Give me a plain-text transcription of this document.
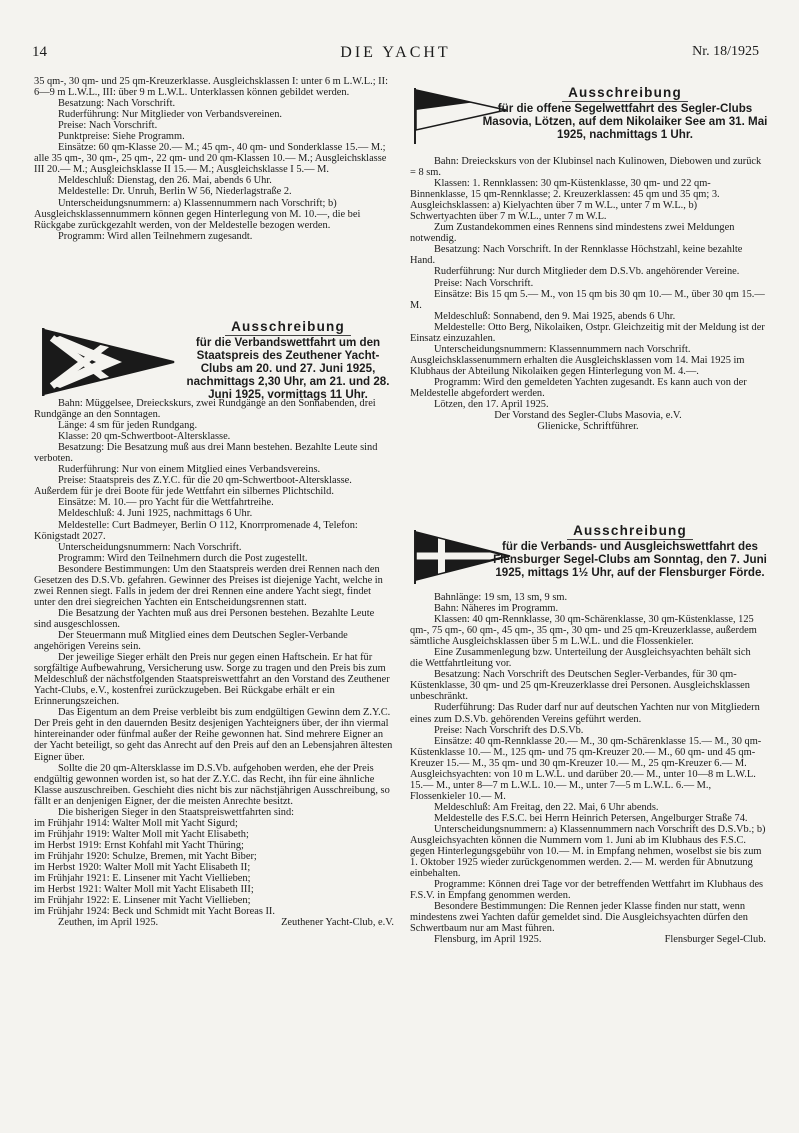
14	DIE YACHT	Nr. 18/1925

35 qm-, 30 qm- und 25 qm-Kreuzerklasse. Ausgleichsklassen I: unter 6 m L.W.L.; II: 6—9 m L.W.L., III: über 9 m L.W.L. Unterklassen können gebildet werden.

Besatzung: Nach Vorschrift.

Ruderführung: Nur Mitglieder von Verbandsvereinen.

Preise: Nach Vorschrift.

Punktpreise: Siehe Programm.

Einsätze: 60 qm-Klasse 20.— M.; 45 qm-, 40 qm- und Sonderklasse 15.— M.; alle 35 qm-, 30 qm-, 25 qm-, 22 qm- und 20 qm-Klassen 10.— M.; Ausgleichsklasse III 20.— M.; Ausgleichsklasse II 15.— M.; Ausgleichsklasse I 5.— M.

Meldeschluß: Dienstag, den 26. Mai, abends 6 Uhr.

Meldestelle: Dr. Unruh, Berlin W 56, Niederlagstraße 2.

Unterscheidungsnummern: a) Klassennummern nach Vorschrift; b) Ausgleichsklassennummern können gegen Hinterlegung von M. 10.—, die bei Rückgabe zurückgezahlt werden, von der Meldestelle bezogen werden.

Programm: Wird allen Teilnehmern zugesandt.

Ausschreibung
für die Verbandswettfahrt um den Staatspreis des Zeuthener Yacht-Clubs am 20. und 27. Juni 1925, nachmittags 2,30 Uhr, am 21. und 28. Juni 1925, vormittags 11 Uhr.

Bahn: Müggelsee, Dreieckskurs, zwei Rundgänge an den Sonnabenden, drei Rundgänge an den Sonntagen.

Länge: 4 sm für jeden Rundgang.

Klasse: 20 qm-Schwertboot-Altersklasse.

Besatzung: Die Besatzung muß aus drei Mann bestehen. Bezahlte Leute sind verboten.

Ruderführung: Nur von einem Mitglied eines Verbandsvereins.

Preise: Staatspreis des Z.Y.C. für die 20 qm-Schwertboot-Altersklasse. Außerdem für je drei Boote für jede Wettfahrt ein silbernes Plichtschild.

Einsätze: M. 10.— pro Yacht für die Wettfahrtreihe.

Meldeschluß: 4. Juni 1925, nachmittags 6 Uhr.

Meldestelle: Curt Badmeyer, Berlin O 112, Knorrpromenade 4, Telefon: Königstadt 2027.

Unterscheidungsnummern: Nach Vorschrift.

Programm: Wird den Teilnehmern durch die Post zugestellt.

Besondere Bestimmungen: Um den Staatspreis werden drei Rennen nach den Gesetzen des D.S.Vb. gefahren. Gewinner des Preises ist diejenige Yacht, welche in zwei Rennen siegt. Falls in jedem der drei Rennen eine andere Yacht siegt, findet unter den drei siegreichen Yachten ein Entscheidungsrennen statt.

Die Besatzung der Yachten muß aus drei Personen bestehen. Bezahlte Leute sind ausgeschlossen.

Der Steuermann muß Mitglied eines dem Deutschen Segler-Verbande angehörigen Vereins sein.

Der jeweilige Sieger erhält den Preis nur gegen einen Haftschein. Er hat für sorgfältige Aufbewahrung, Versicherung usw. Sorge zu tragen und den Preis bis zum Meldeschluß der nächstfolgenden Staatspreiswettfahrt an den Vorstand des Zeuthener Yacht-Clubs, e.V., kostenfrei zurückzugeben. Bei Rückgabe erhält er ein Erinnerungszeichen.

Das Eigentum an dem Preise verbleibt bis zum endgültigen Gewinn dem Z.Y.C. Der Preis geht in den dauernden Besitz desjenigen Yachteigners über, der ihn viermal hintereinander oder fünfmal außer der Reihe gewonnen hat. Sind mehrere Eigner an der Yacht beteiligt, so geht das Anrecht auf den Preis auf den an Lebensjahren ältesten Eigner über.

Sollte die 20 qm-Altersklasse im D.S.Vb. aufgehoben werden, ehe der Preis endgültig gewonnen worden ist, so hat der Z.Y.C. das Recht, ihn für eine ähnliche Klasse auszuschreiben. Geschieht dies nicht bis zur nächstjährigen Ausschreibung, so fällt er an denjenigen Eigner, der die meisten Anrechte besitzt.

Die bisherigen Sieger in den Staatspreiswettfahrten sind:

im Frühjahr 1914: Walter Moll mit Yacht Sigurd;

im Frühjahr 1919: Walter Moll mit Yacht Elisabeth;

im Herbst 1919: Ernst Kohfahl mit Yacht Thüring;

im Frühjahr 1920: Schulze, Bremen, mit Yacht Biber;

im Herbst 1920: Walter Moll mit Yacht Elisabeth II;

im Frühjahr 1921: E. Linsener mit Yacht Viellieben;

im Herbst 1921: Walter Moll mit Yacht Elisabeth III;

im Frühjahr 1922: E. Linsener mit Yacht Viellieben;

im Frühjahr 1924: Beck und Schmidt mit Yacht Boreas II.

Zeuthen, im April 1925.	Zeuthener Yacht-Club, e.V.

Ausschreibung
für die offene Segelwettfahrt des Segler-Clubs Masovia, Lötzen, auf dem Nikolaiker See am 31. Mai 1925, nachmittags 1 Uhr.

Bahn: Dreieckskurs von der Klubinsel nach Kulinowen, Diebowen und zurück = 8 sm.

Klassen: 1. Rennklassen: 30 qm-Küstenklasse, 30 qm- und 22 qm-Binnenklasse, 15 qm-Rennklasse; 2. Kreuzerklassen: 45 qm und 35 qm; 3. Ausgleichsklassen: a) Kielyachten über 7 m W.L., unter 7 m W.L., b) Schwertyachten über 7 m W.L., unter 7 m W.L.

Zum Zustandekommen eines Rennens sind mindestens zwei Meldungen notwendig.

Besatzung: Nach Vorschrift. In der Rennklasse Höchstzahl, keine bezahlte Hand.

Ruderführung: Nur durch Mitglieder dem D.S.Vb. angehörender Vereine.

Preise: Nach Vorschrift.

Einsätze: Bis 15 qm 5.— M., von 15 qm bis 30 qm 10.— M., über 30 qm 15.— M.

Meldeschluß: Sonnabend, den 9. Mai 1925, abends 6 Uhr.

Meldestelle: Otto Berg, Nikolaiken, Ostpr. Gleichzeitig mit der Meldung ist der Einsatz einzuzahlen.

Unterscheidungsnummern: Klassennummern nach Vorschrift. Ausgleichsklassenummern erhalten die Ausgleichsklassen vom 14. Mai 1925 im Klubhaus der Abteilung Nikolaiken gegen Hinterlegung von M. 4.—.

Programm: Wird den gemeldeten Yachten zugesandt. Es kann auch von der Meldestelle abgefordert werden.

Lötzen, den 17. April 1925.

Der Vorstand des Segler-Clubs Masovia, e.V.

Glienicke, Schriftführer.

Ausschreibung
für die Verbands- und Ausgleichswettfahrt des Flensburger Segel-Clubs am Sonntag, den 7. Juni 1925, mittags 1½ Uhr, auf der Flensburger Förde.

Bahnlänge: 19 sm, 13 sm, 9 sm.

Bahn: Näheres im Programm.

Klassen: 40 qm-Rennklasse, 30 qm-Schärenklasse, 30 qm-Küstenklasse, 125 qm-, 75 qm-, 60 qm-, 45 qm-, 35 qm-, 30 qm- und 25 qm-Kreuzerklasse, außerdem sämtliche Ausgleichsklassen über 5 m L.W.L. und die Flossenkieler.

Eine Zusammenlegung bzw. Unterteilung der Ausgleichsyachten behält sich die Wettfahrtleitung vor.

Besatzung: Nach Vorschrift des Deutschen Segler-Verbandes, für 30 qm-Küstenklasse, 30 qm- und 25 qm-Kreuzerklasse drei Personen. Ausgleichsklassen unbeschränkt.

Ruderführung: Das Ruder darf nur auf deutschen Yachten nur von Mitgliedern eines zum D.S.Vb. gehörenden Vereins geführt werden.

Preise: Nach Vorschrift des D.S.Vb.

Einsätze: 40 qm-Rennklasse 20.— M., 30 qm-Schärenklasse 15.— M., 30 qm-Küstenklasse 10.— M., 125 qm- und 75 qm-Kreuzer 20.— M., 60 qm- und 45 qm-Kreuzer 15.— M., 35 qm- und 30 qm-Kreuzer 10.— M., 25 qm-Kreuzer 6.— M. Ausgleichsyachten: von 10 m L.W.L. und darüber 20.— M., unter 10—8 m L.W.L. 15.— M., unter 8—7 m L.W.L. 10.— M., unter 7—5 m L.W.L. 6.— M., Flossenkieler 10.— M.

Meldeschluß: Am Freitag, den 22. Mai, 6 Uhr abends.

Meldestelle des F.S.C. bei Herrn Heinrich Petersen, Angelburger Straße 74.

Unterscheidungsnummern: a) Klassennummern nach Vorschrift des D.S.Vb.; b) Ausgleichsyachten können die Nummern vom 1. Juni ab im Klubhaus des F.S.C. gegen Hinterlegungsgebühr von 10.— M. in Empfang nehmen, woselbst sie bis zum 1. Oktober 1925 wieder zurückgenommen werden. 2.— M. werden für Abnutzung einbehalten.

Programme: Können drei Tage vor der betreffenden Wettfahrt im Klubhaus des F.S.V. in Empfang genommen werden.

Besondere Bestimmungen: Die Rennen jeder Klasse finden nur statt, wenn mindestens zwei Yachten dafür gemeldet sind. Die Ausgleichsyachten dürfen den Schwertbaum nur am Mast führen.

Flensburg, im April 1925.	Flensburger Segel-Club.
